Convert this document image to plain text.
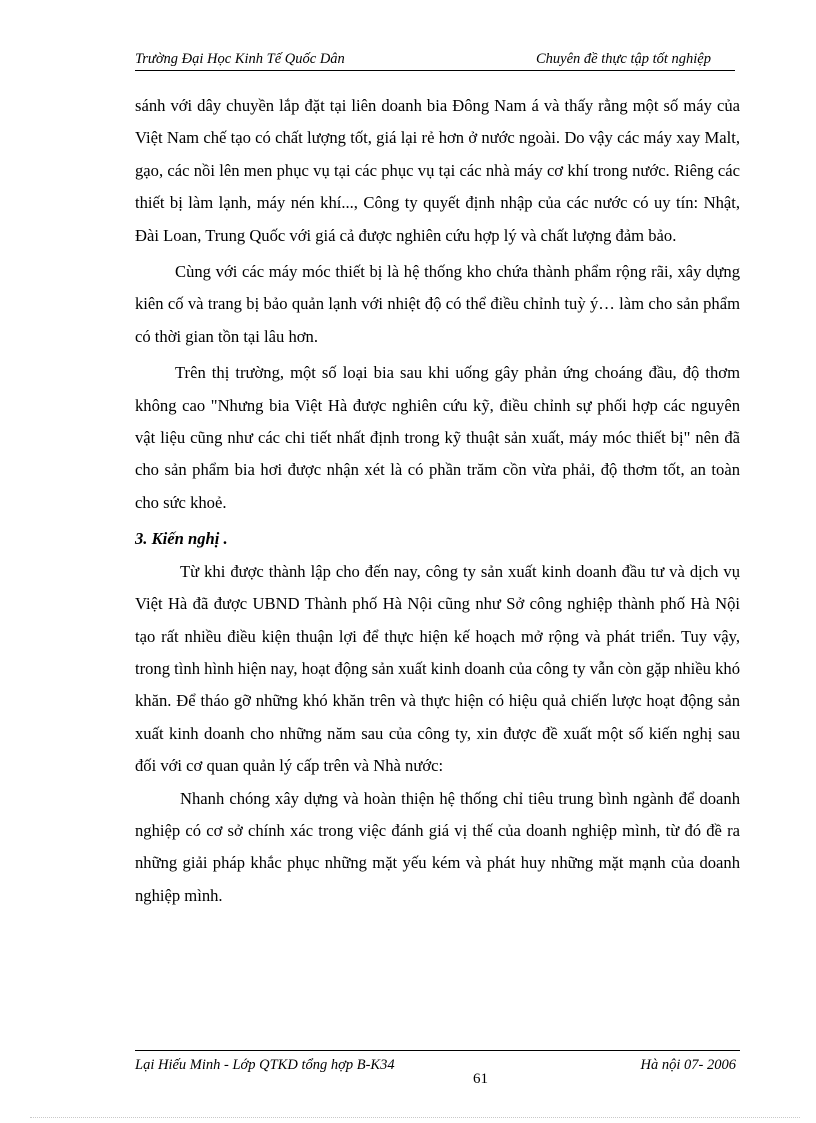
Trường Đại Học Kinh Tế Quốc Dân	Chuyên đề thực tập tốt nghiệp

sánh với dây chuyền lắp đặt tại liên doanh bia Đông Nam á và thấy rằng một số máy của Việt Nam chế tạo có chất lượng tốt, giá lại rẻ hơn ở nước ngoài. Do vậy các máy xay Malt, gạo, các nồi lên men phục vụ tại các phục vụ tại các nhà máy cơ khí trong nước. Riêng các thiết bị làm lạnh, máy nén khí..., Công ty quyết định nhập của các nước có uy tín: Nhật, Đài Loan, Trung Quốc với giá cả được nghiên cứu hợp lý và chất lượng đảm bảo.

Cùng với các máy móc thiết bị là hệ thống kho chứa thành phẩm rộng rãi, xây dựng kiên cố và trang bị bảo quản lạnh với nhiệt độ có thể điều chỉnh tuỳ ý… làm cho sản phẩm có thời gian tồn tại lâu hơn.

Trên thị trường, một số loại bia sau khi uống gây phản ứng choáng đầu, độ thơm không cao "Nhưng bia Việt Hà được nghiên cứu kỹ, điều chỉnh sự phối hợp các nguyên vật liệu cũng như các chi tiết nhất định trong kỹ thuật sản xuất, máy móc thiết bị" nên đã cho sản phẩm bia hơi được nhận xét là có phần trăm cồn vừa phải, độ thơm tốt, an toàn cho sức khoẻ.

3. Kiến nghị .

Từ khi được thành lập cho đến nay, công ty sản xuất kinh doanh đầu tư và dịch vụ Việt Hà đã được UBND Thành phố Hà Nội cũng như Sở công nghiệp thành phố Hà Nội tạo rất nhiều điều kiện thuận lợi để thực hiện kế hoạch mở rộng và phát triển. Tuy vậy, trong tình hình hiện nay, hoạt động sản xuất kinh doanh của công ty vẫn còn gặp nhiều khó khăn. Để tháo gỡ những khó khăn trên và thực hiện có hiệu quả chiến lược hoạt động sản xuất kinh doanh cho những năm sau của công ty, xin được đề xuất một số kiến nghị sau đối với cơ quan quản lý cấp trên và Nhà nước:

Nhanh chóng xây dựng và hoàn thiện hệ thống chỉ tiêu trung bình ngành để doanh nghiệp có cơ sở chính xác trong việc đánh giá vị thế của doanh nghiệp mình, từ đó đề ra những giải pháp khắc phục những mặt yếu kém và phát huy những mặt mạnh của doanh nghiệp mình.

Lại Hiếu Minh - Lớp QTKD tổng hợp B-K34	Hà nội 07- 2006
61
